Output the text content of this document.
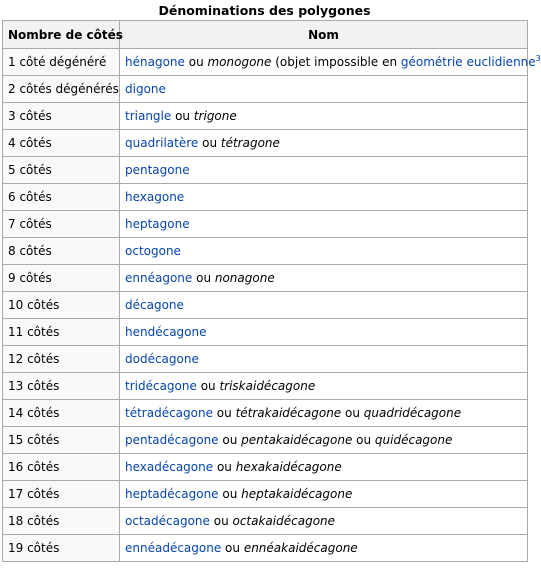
Dénominations des polygones
Nombre de côtés	Nom
1 côté dégénéré	hénagone ou monogone (objet impossible en géométrie euclidienne$^3$
2 côtés dégénérés	digone
3 côtés	triangle ou trigone
4 côtés	quadrilatère ou tétragone
5 côtés	pentagone
6 côtés	hexagone
7 côtés	heptagone
8 côtés	octogone
9 côtés	ennéagone ou nonagone
10 côtés	décagone
11 côtés	hendécagone
12 côtés	dodécagone
13 côtés	tridécagone ou triskaidécagone
14 côtés	tétradécagone ou tétrakaidécagone ou quadridécagone
15 côtés	pentadécagone ou pentakaidécagone ou quidécagone
16 côtés	hexadécagone ou hexakaidécagone
17 côtés	heptadécagone ou heptakaidécagone
18 côtés	octadécagone ou octakaidécagone
19 côtés	ennéadécagone ou ennéakaidécagone
